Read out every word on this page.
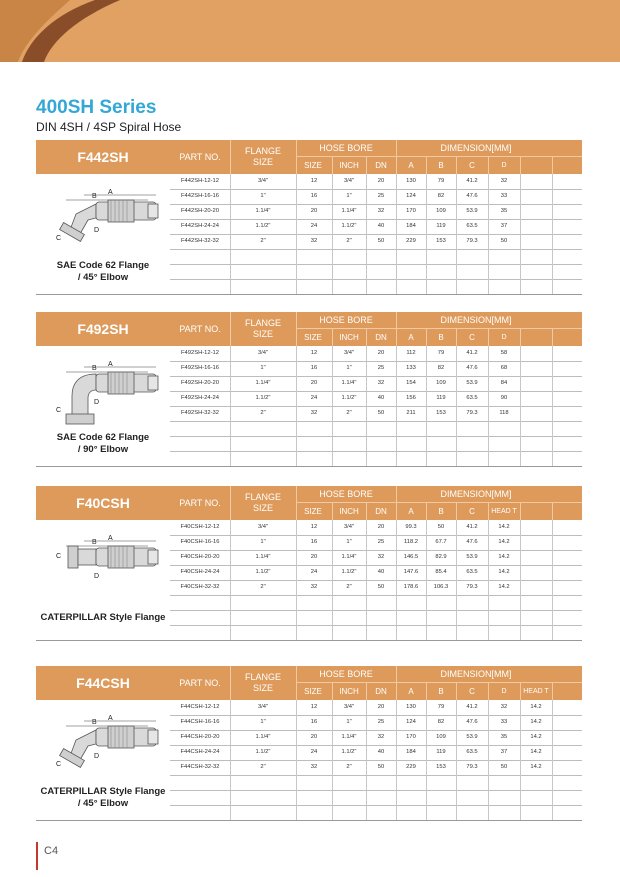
400SH Series
DIN 4SH / 4SP Spiral Hose
F442SH	PART NO.
FLANGE SIZE
HOSE BORE
SIZE	INCH	DN
DIMENSION[MM]
A	B	C	D
F442SH-12-12	3/4"	12	3/4"	20	130	79	41.2	32
F442SH-16-16	1"	16	1"	25	124	82	47.6	33
F442SH-20-20	1.1/4"	20	1.1/4"	32	170	109	53.9	35
F442SH-24-24	1.1/2"	24	1.1/2"	40	184	119	63.5	37
F442SH-32-32	2"	32	2"	50	229	153	79.3	50
B
A
D
C
SAE Code 62 Flange
/ 45° Elbow
F492SH	PART NO.
FLANGE SIZE
HOSE BORE
SIZE	INCH	DN
DIMENSION[MM]
A	B	C	D
F492SH-12-12	3/4"	12	3/4"	20	112	79	41.2	58
F492SH-16-16	1"	16	1"	25	133	82	47.6	68
F492SH-20-20	1.1/4"	20	1.1/4"	32	154	109	53.9	84
F492SH-24-24	1.1/2"	24	1.1/2"	40	156	119	63.5	90
F492SH-32-32	2"	32	2"	50	211	153	79.3	118
B
A
D
C
SAE Code 62 Flange
/ 90° Elbow
F40CSH	PART NO.
FLANGE SIZE
HOSE BORE
SIZE	INCH	DN
DIMENSION[MM]
A	B	C	HEAD T
F40CSH-12-12	3/4"	12	3/4"	20	99.3	50	41.2	14.2
F40CSH-16-16	1"	16	1"	25	118.2	67.7	47.6	14.2
F40CSH-20-20	1.1/4"	20	1.1/4"	32	146.5	82.9	53.9	14.2
F40CSH-24-24	1.1/2"	24	1.1/2"	40	147.6	85.4	63.5	14.2
F40CSH-32-32	2"	32	2"	50	178.6	106.3	79.3	14.2
B
A
D
C
CATERPILLAR Style Flange
F44CSH	PART NO.
FLANGE SIZE
HOSE BORE
SIZE	INCH	DN
DIMENSION[MM]
A	B	C	D	HEAD T
F44CSH-12-12	3/4"	12	3/4"	20	130	79	41.2	32	14.2
F44CSH-16-16	1"	16	1"	25	124	82	47.6	33	14.2
F44CSH-20-20	1.1/4"	20	1.1/4"	32	170	109	53.9	35	14.2
F44CSH-24-24	1.1/2"	24	1.1/2"	40	184	119	63.5	37	14.2
F44CSH-32-32	2"	32	2"	50	229	153	79.3	50	14.2
B
A
D
C
CATERPILLAR Style Flange
/ 45° Elbow
C4
